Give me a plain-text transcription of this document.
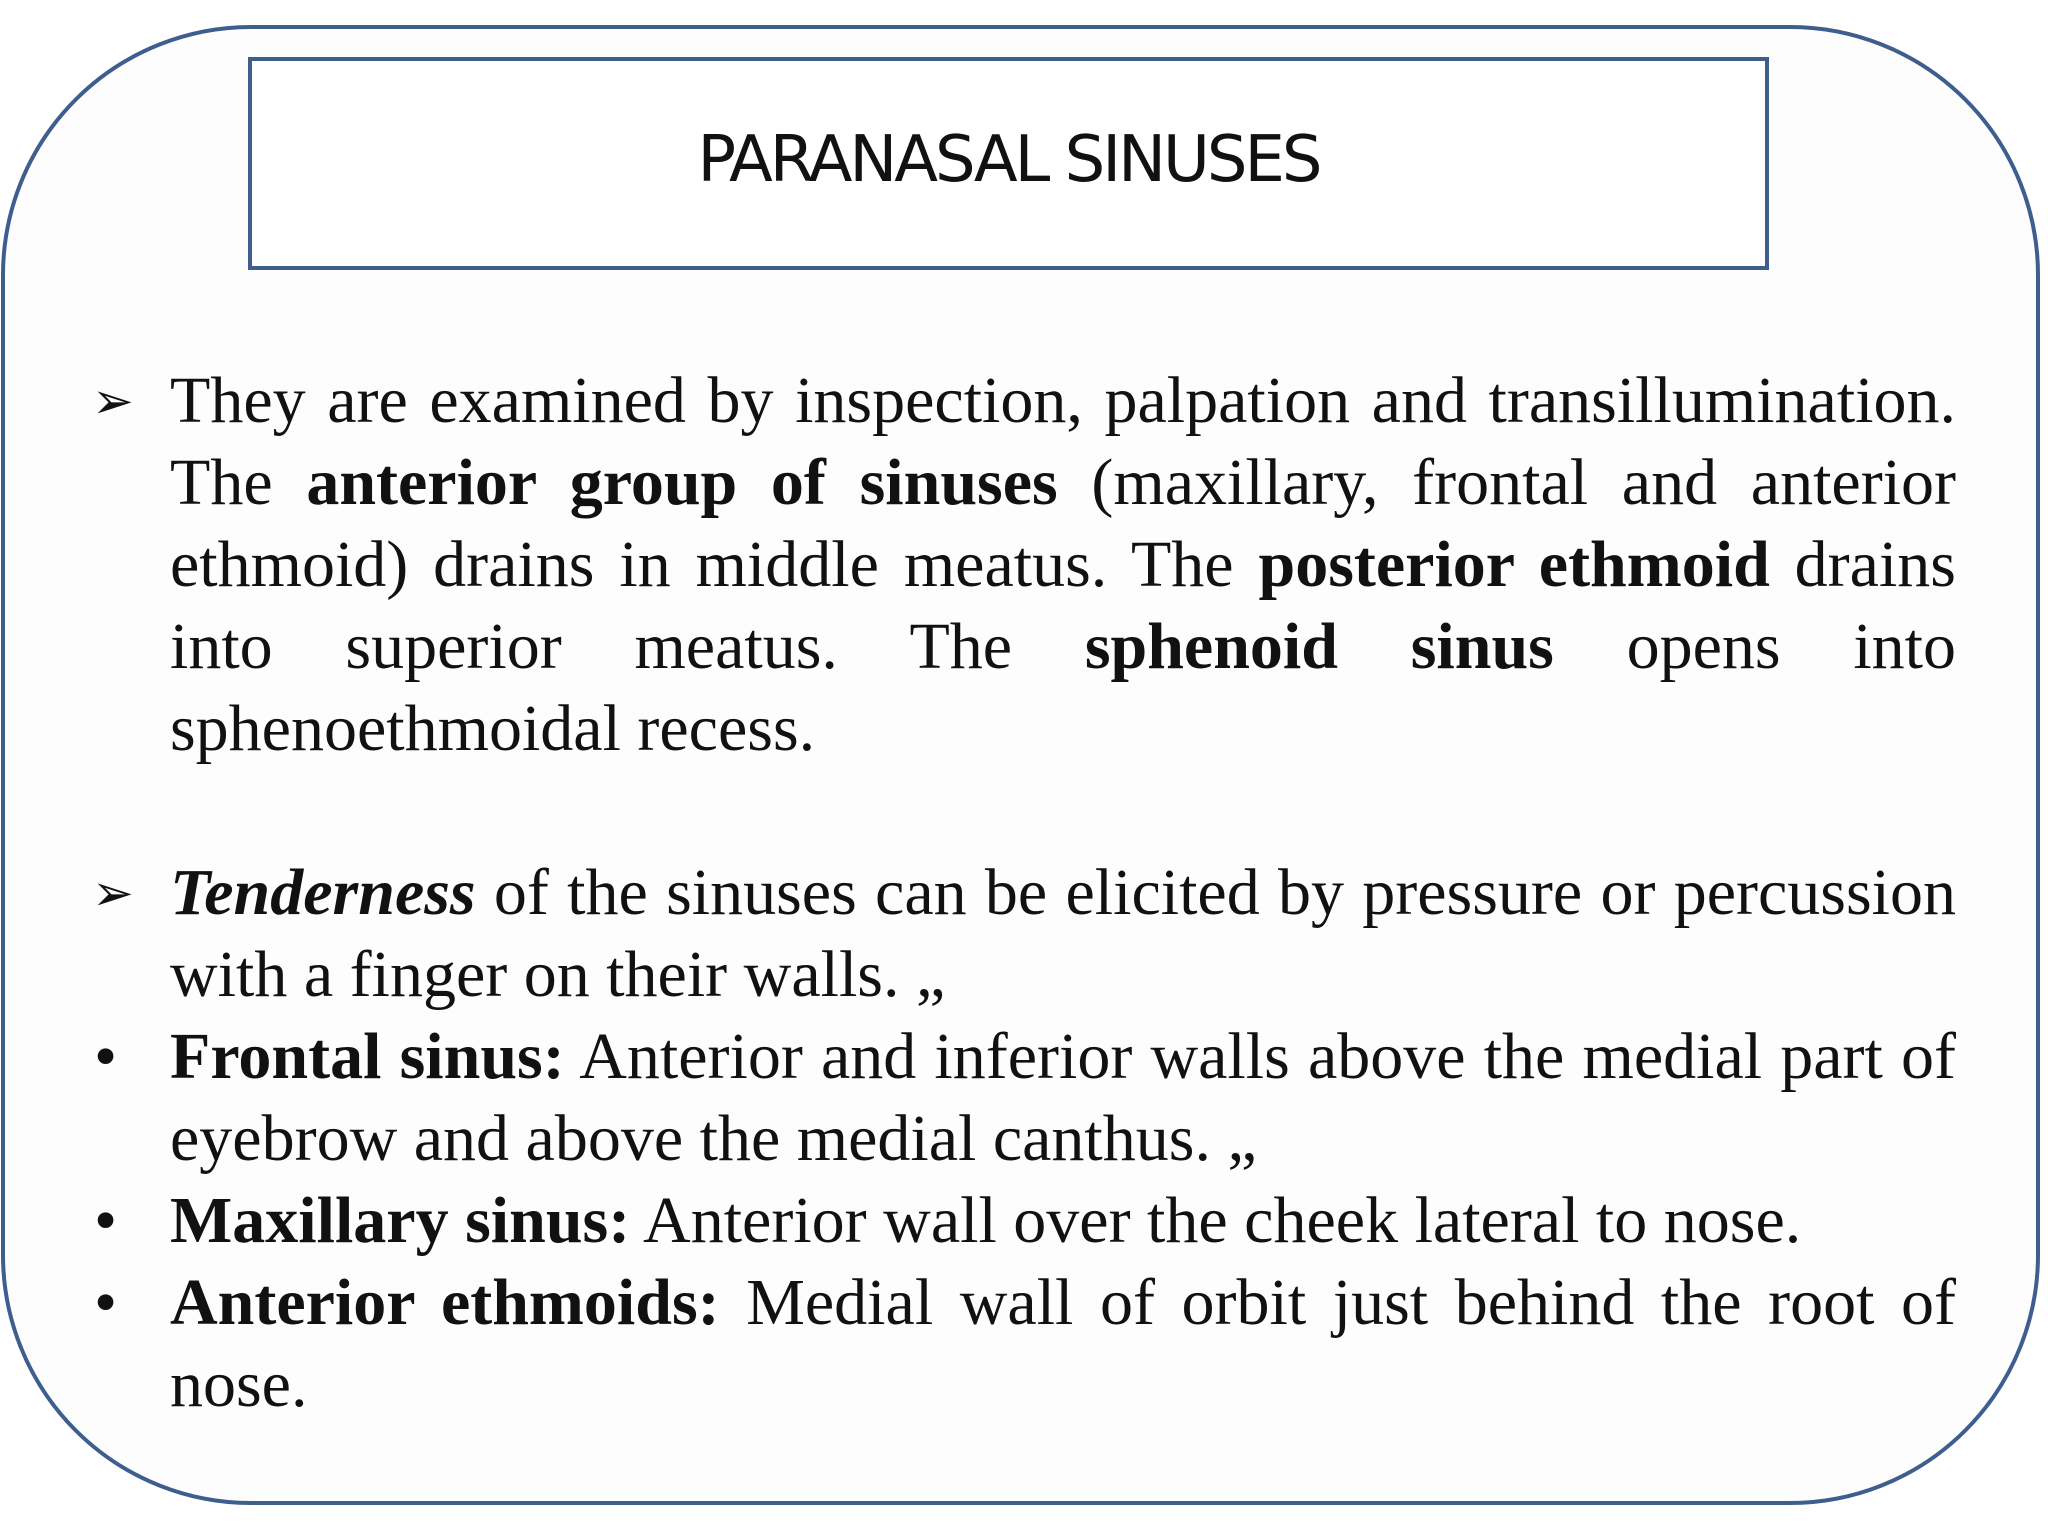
PARANASAL SINUSES
➢ They are examined by inspection, palpation and transillumination. The anterior group of sinuses (maxillary, frontal and anterior ethmoid) drains in middle meatus. The posterior ethmoid drains into superior meatus. The sphenoid sinus opens into sphenoethmoidal recess.
➢ Tenderness of the sinuses can be elicited by pressure or percussion with a finger on their walls. „
• Frontal sinus: Anterior and inferior walls above the medial part of eyebrow and above the medial canthus. „
• Maxillary sinus: Anterior wall over the cheek lateral to nose.
• Anterior ethmoids: Medial wall of orbit just behind the root of nose.
